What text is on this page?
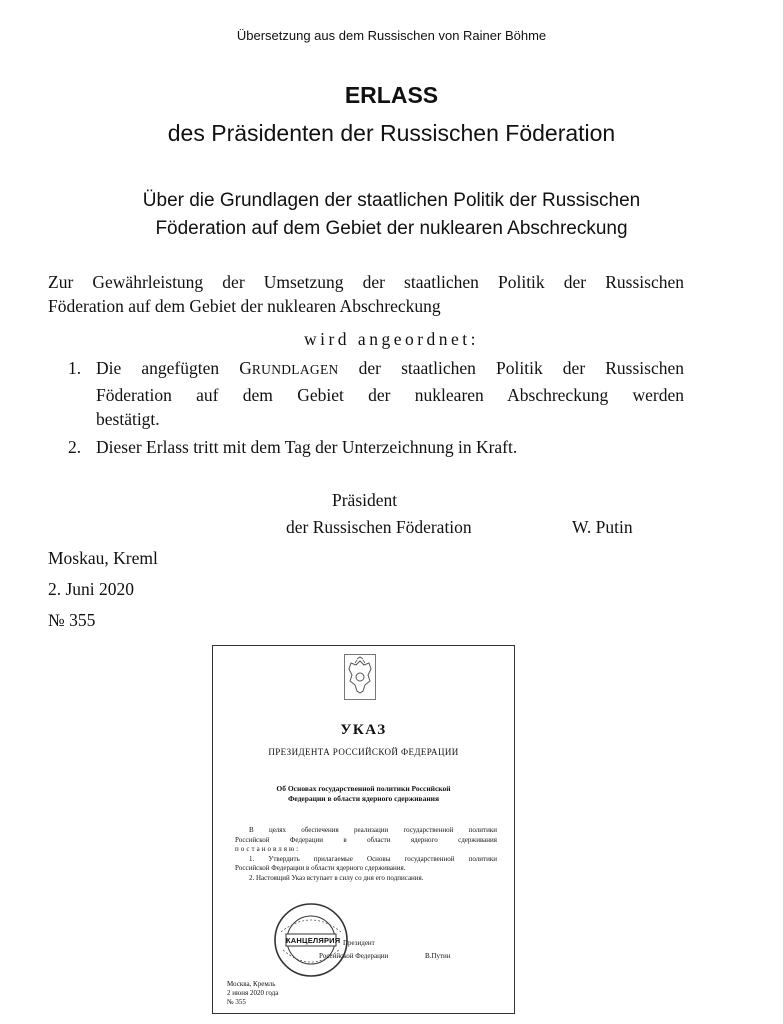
Übersetzung aus dem Russischen von Rainer Böhme
ERLASS
des Präsidenten der Russischen Föderation
Über die Grundlagen der staatlichen Politik der Russischen
Föderation auf dem Gebiet der nuklearen Abschreckung
Zur Gewährleistung der Umsetzung der staatlichen Politik der Russischen
Föderation auf dem Gebiet der nuklearen Abschreckung
wird angeordnet:
1. Die angefügten GRUNDLAGEN der staatlichen Politik der Russischen
Föderation auf dem Gebiet der nuklearen Abschreckung werden
bestätigt.
2. Dieser Erlass tritt mit dem Tag der Unterzeichnung in Kraft.
Präsident
der Russischen Föderation	W. Putin
Moskau, Kreml
2. Juni 2020
№ 355
УКАЗ
ПРЕЗИДЕНТА РОССИЙСКОЙ ФЕДЕРАЦИИ
Об Основах государственной политики Российской
Федерации в области ядерного сдерживания
В целях обеспечения реализации государственной политики
Российской Федерации в области ядерного сдерживания
постановляю:
1. Утвердить прилагаемые Основы государственной политики
Российской Федерации в области ядерного сдерживания.
2. Настоящий Указ вступает в силу со дня его подписания.
КАНЦЕЛЯРИЯ Президент
Российской Федерации	В.Путин
Москва, Кремль
2 июня 2020 года
№ 355
